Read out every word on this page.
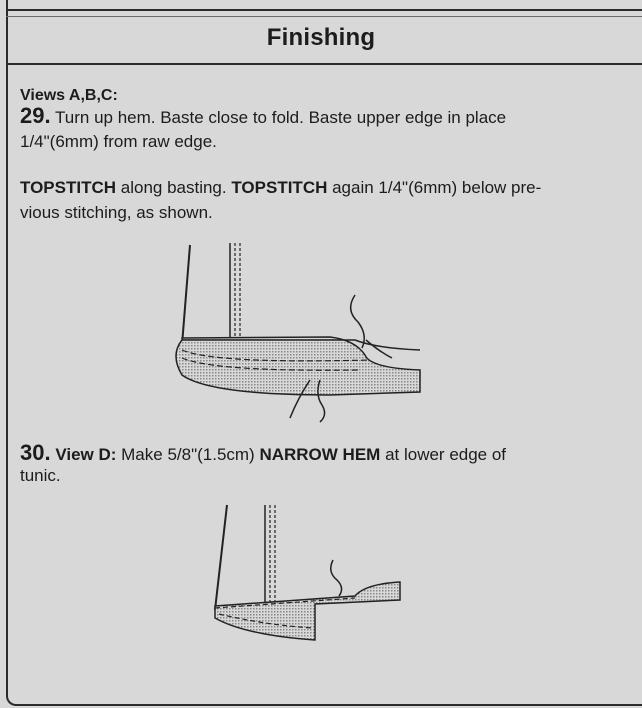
Finishing
Views A,B,C:
29. Turn up hem. Baste close to fold. Baste upper edge in place
1/4"(6mm) from raw edge.
TOPSTITCH along basting. TOPSTITCH again 1/4"(6mm) below pre-
vious stitching, as shown.
30. View D: Make 5/8"(1.5cm) NARROW HEM at lower edge of
tunic.
